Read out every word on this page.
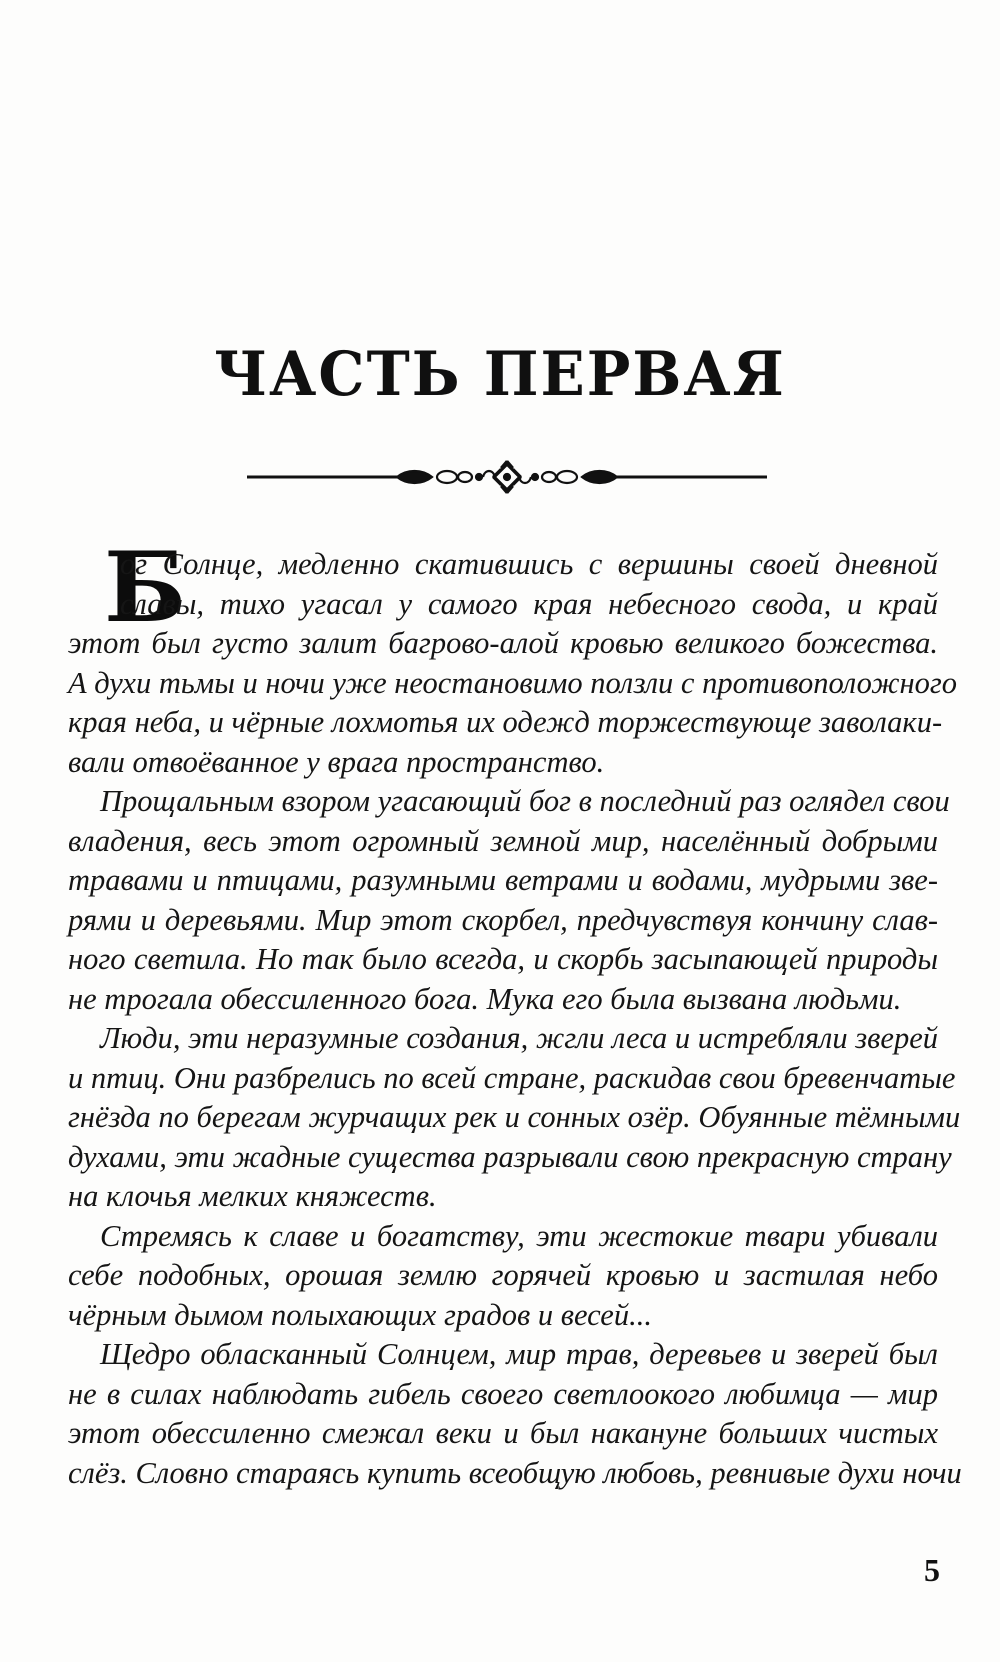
ЧАСТЬ ПЕРВАЯ
Б
ог Солнце, медленно скатившись с вершины своей дневной
славы, тихо угасал у самого края небесного свода, и край
этот был густо залит багрово-алой кровью великого божества.
А духи тьмы и ночи уже неостановимо ползли с противоположного
края неба, и чёрные лохмотья их одежд торжествующе заволаки-
вали отвоёванное у врага пространство.
Прощальным взором угасающий бог в последний раз оглядел свои
владения, весь этот огромный земной мир, населённый добрыми
травами и птицами, разумными ветрами и водами, мудрыми зве-
рями и деревьями. Мир этот скорбел, предчувствуя кончину слав-
ного светила. Но так было всегда, и скорбь засыпающей природы
не трогала обессиленного бога. Мука его была вызвана людьми.
Люди, эти неразумные создания, жгли леса и истребляли зверей
и птиц. Они разбрелись по всей стране, раскидав свои бревенчатые
гнёзда по берегам журчащих рек и сонных озёр. Обуянные тёмными
духами, эти жадные существа разрывали свою прекрасную страну
на клочья мелких княжеств.
Стремясь к славе и богатству, эти жестокие твари убивали
себе подобных, орошая землю горячей кровью и застилая небо
чёрным дымом полыхающих градов и весей...
Щедро обласканный Солнцем, мир трав, деревьев и зверей был
не в силах наблюдать гибель своего светлоокого любимца — мир
этот обессиленно смежал веки и был накануне больших чистых
слёз. Словно стараясь купить всеобщую любовь, ревнивые духи ночи
5
